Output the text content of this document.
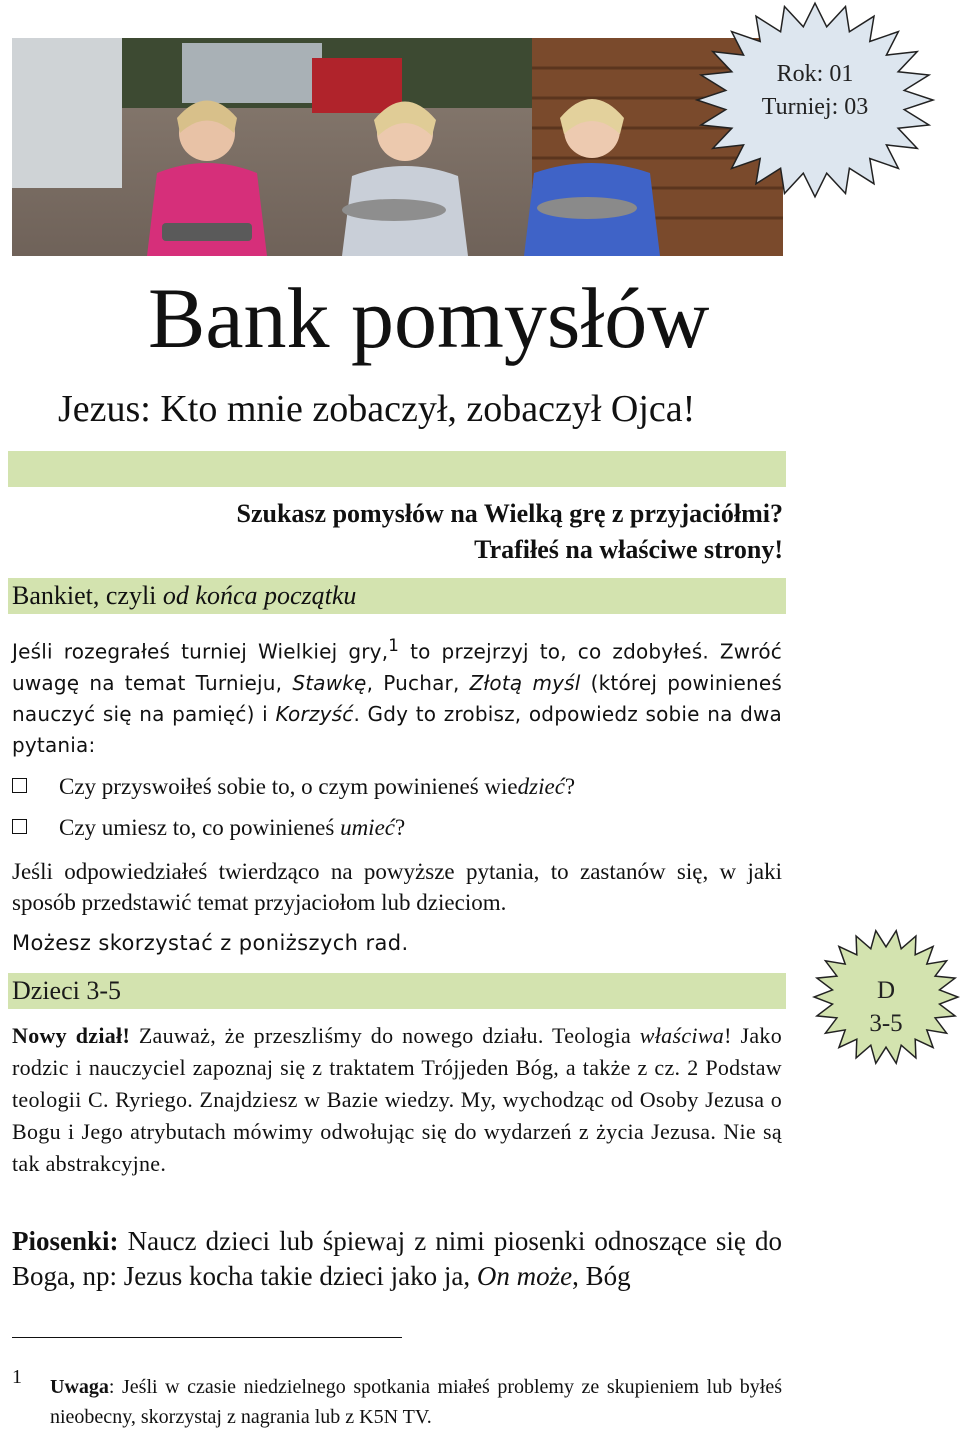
Rok: 01
Turniej: 03
Bank pomysłów
Jezus: Kto mnie zobaczył, zobaczył Ojca!
Szukasz pomysłów na Wielką grę z przyjaciółmi?
Trafiłeś na właściwe strony!
Bankiet, czyli od końca początku
Jeśli rozegrałeś turniej Wielkiej gry,$^1$ to przejrzyj to, co zdobyłeś. Zwróć uwagę na temat Turnieju, Stawkę, Puchar, Złotą myśl (której powinieneś nauczyć się na pamięć) i Korzyść. Gdy to zrobisz, odpowiedz sobie na dwa pytania:
Czy przyswoiłeś sobie to, o czym powinieneś wiedzieć?
Czy umiesz to, co powinieneś umieć?
Jeśli odpowiedziałeś twierdząco na powyższe pytania, to zastanów się, w jaki sposób przedstawić temat przyjaciołom lub dzieciom.
Możesz skorzystać z poniższych rad.
Dzieci 3-5	D
3-5
Nowy dział! Zauważ, że przeszliśmy do nowego działu. Teologia właściwa! Jako rodzic i nauczyciel zapoznaj się z traktatem Trójjeden Bóg, a także z cz. 2 Podstaw teologii C. Ryriego. Znajdziesz w Bazie wiedzy. My, wychodząc od Osoby Jezusa o Bogu i Jego atrybutach mówimy odwołując się do wydarzeń z życia Jezusa. Nie są tak abstrakcyjne.
Piosenki: Naucz dzieci lub śpiewaj z nimi piosenki odnoszące się do Boga, np: Jezus kocha takie dzieci jako ja, On może, Bóg
1 Uwaga: Jeśli w czasie niedzielnego spotkania miałeś problemy ze skupieniem lub byłeś nieobecny, skorzystaj z nagrania lub z K5N TV.
